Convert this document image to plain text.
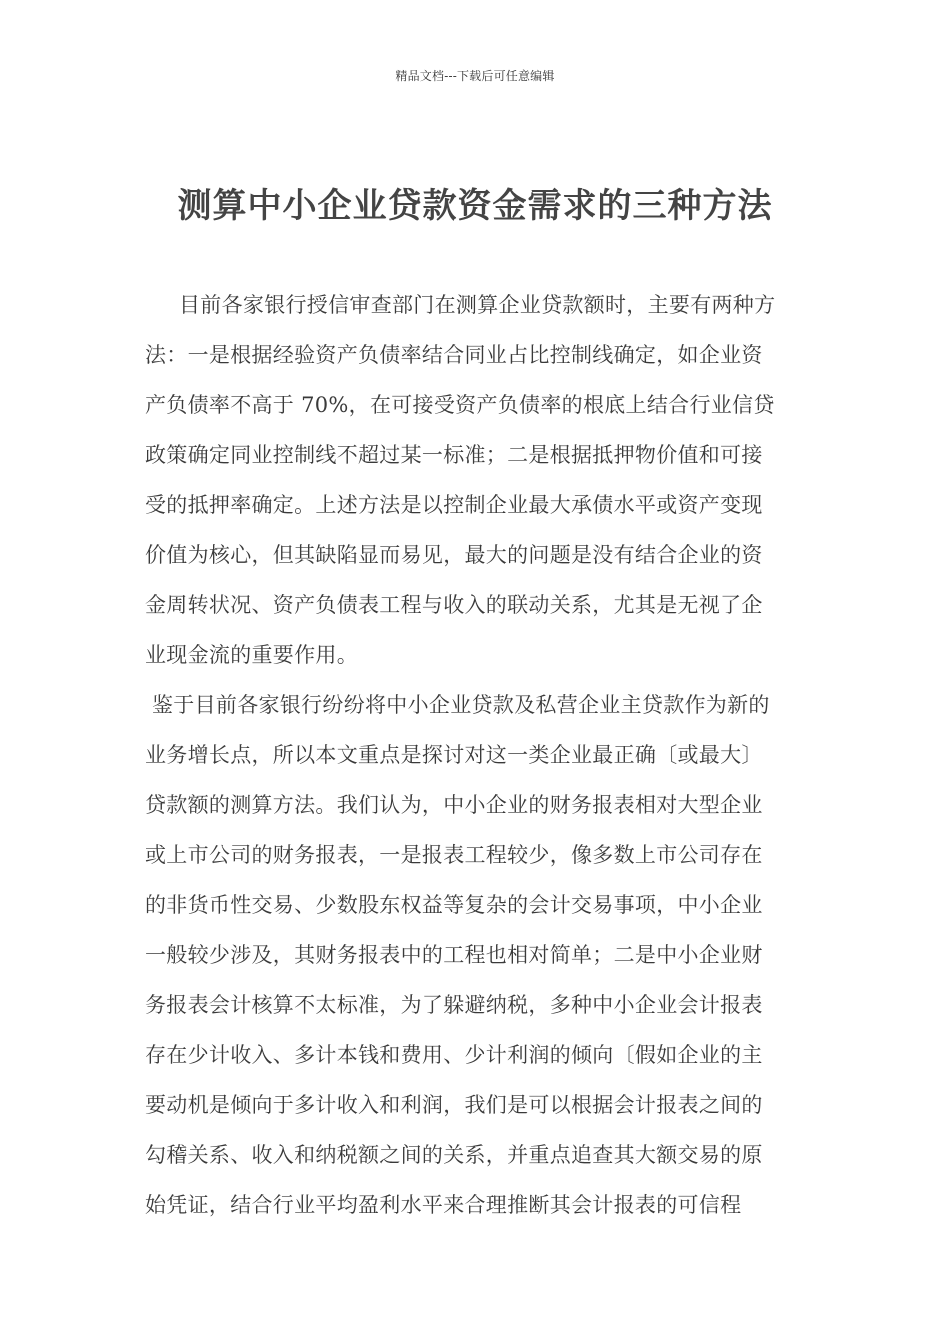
精品文档---下载后可任意编辑
测算中小企业贷款资金需求的三种方法
目前各家银行授信审查部门在测算企业贷款额时，主要有两种方
法：一是根据经验资产负债率结合同业占比控制线确定，如企业资
产负债率不高于 70%，在可接受资产负债率的根底上结合行业信贷
政策确定同业控制线不超过某一标准；二是根据抵押物价值和可接
受的抵押率确定。上述方法是以控制企业最大承债水平或资产变现
价值为核心，但其缺陷显而易见，最大的问题是没有结合企业的资
金周转状况、资产负债表工程与收入的联动关系，尤其是无视了企
业现金流的重要作用。
鉴于目前各家银行纷纷将中小企业贷款及私营企业主贷款作为新的
业务增长点，所以本文重点是探讨对这一类企业最正确〔或最大〕
贷款额的测算方法。我们认为，中小企业的财务报表相对大型企业
或上市公司的财务报表，一是报表工程较少，像多数上市公司存在
的非货币性交易、少数股东权益等复杂的会计交易事项，中小企业
一般较少涉及，其财务报表中的工程也相对简单；二是中小企业财
务报表会计核算不太标准，为了躲避纳税，多种中小企业会计报表
存在少计收入、多计本钱和费用、少计利润的倾向〔假如企业的主
要动机是倾向于多计收入和利润，我们是可以根据会计报表之间的
勾稽关系、收入和纳税额之间的关系，并重点追查其大额交易的原
始凭证，结合行业平均盈利水平来合理推断其会计报表的可信程
